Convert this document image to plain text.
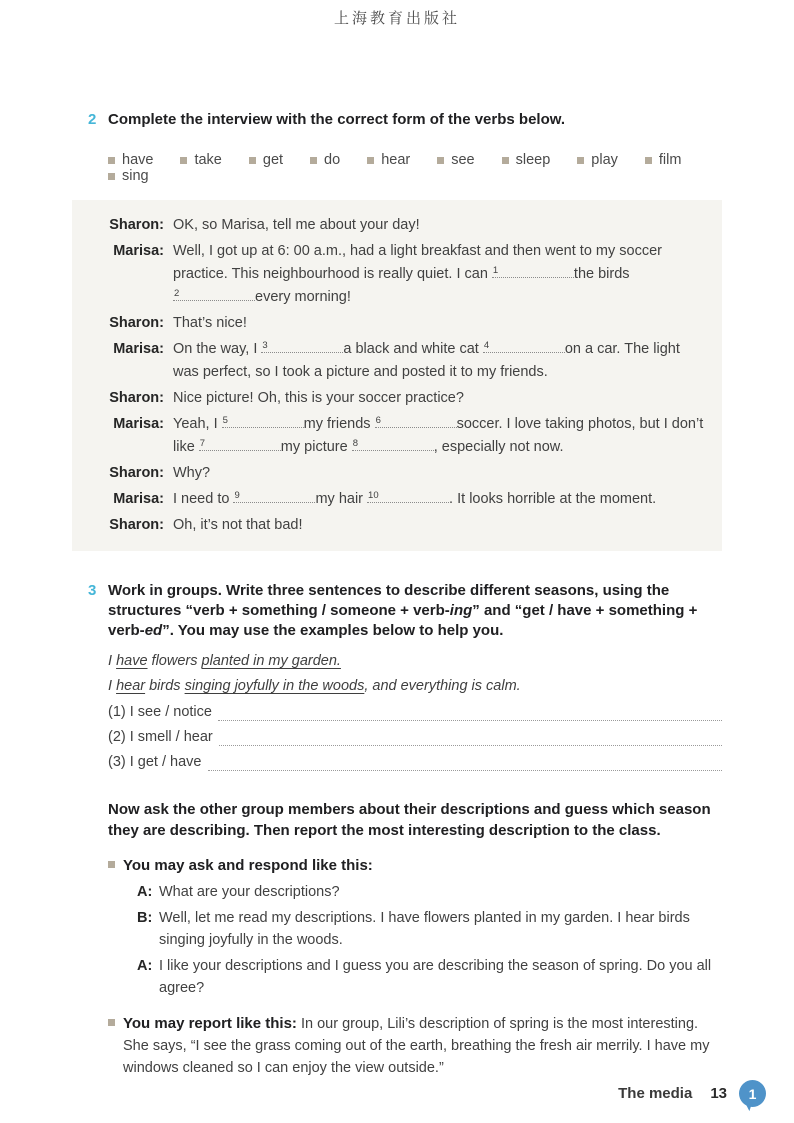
上海教育出版社
2 Complete the interview with the correct form of the verbs below.
have	take	get	do	hear	see	sleep	play	film
sing
Sharon: OK, so Marisa, tell me about your day!
Marisa: Well, I got up at 6: 00 a.m., had a light breakfast and then went to my soccer practice. This neighbourhood is really quiet. I can 1	the birds
2	every morning!
Sharon: That’s nice!
Marisa: On the way, I 3	a black and white cat 4	on a car. The light was perfect, so I took a picture and posted it to my friends.
Sharon: Nice picture! Oh, this is your soccer practice?
Marisa: Yeah, I 5	my friends 6	soccer. I love taking photos, but I don’t like 7	my picture 8	, especially not now.
Sharon: Why?
Marisa: I need to 9	my hair 10	. It looks horrible at the moment.
Sharon: Oh, it’s not that bad!
3 Work in groups. Write three sentences to describe different seasons, using the structures “verb + something / someone + verb-ing” and “get / have + something + verb-ed”. You may use the examples below to help you.
I have flowers planted in my garden.
I hear birds singing joyfully in the woods, and everything is calm.
(1) I see / notice
(2) I smell / hear
(3) I get / have
Now ask the other group members about their descriptions and guess which season they are describing. Then report the most interesting description to the class.
You may ask and respond like this:
A: What are your descriptions?
B: Well, let me read my descriptions. I have flowers planted in my garden. I hear birds singing joyfully in the woods.
A: I like your descriptions and I guess you are describing the season of spring. Do you all agree?
You may report like this: In our group, Lili’s description of spring is the most interesting. She says, “I see the grass coming out of the earth, breathing the fresh air merrily. I have my windows cleaned so I can enjoy the view outside.”
The media 13	1
